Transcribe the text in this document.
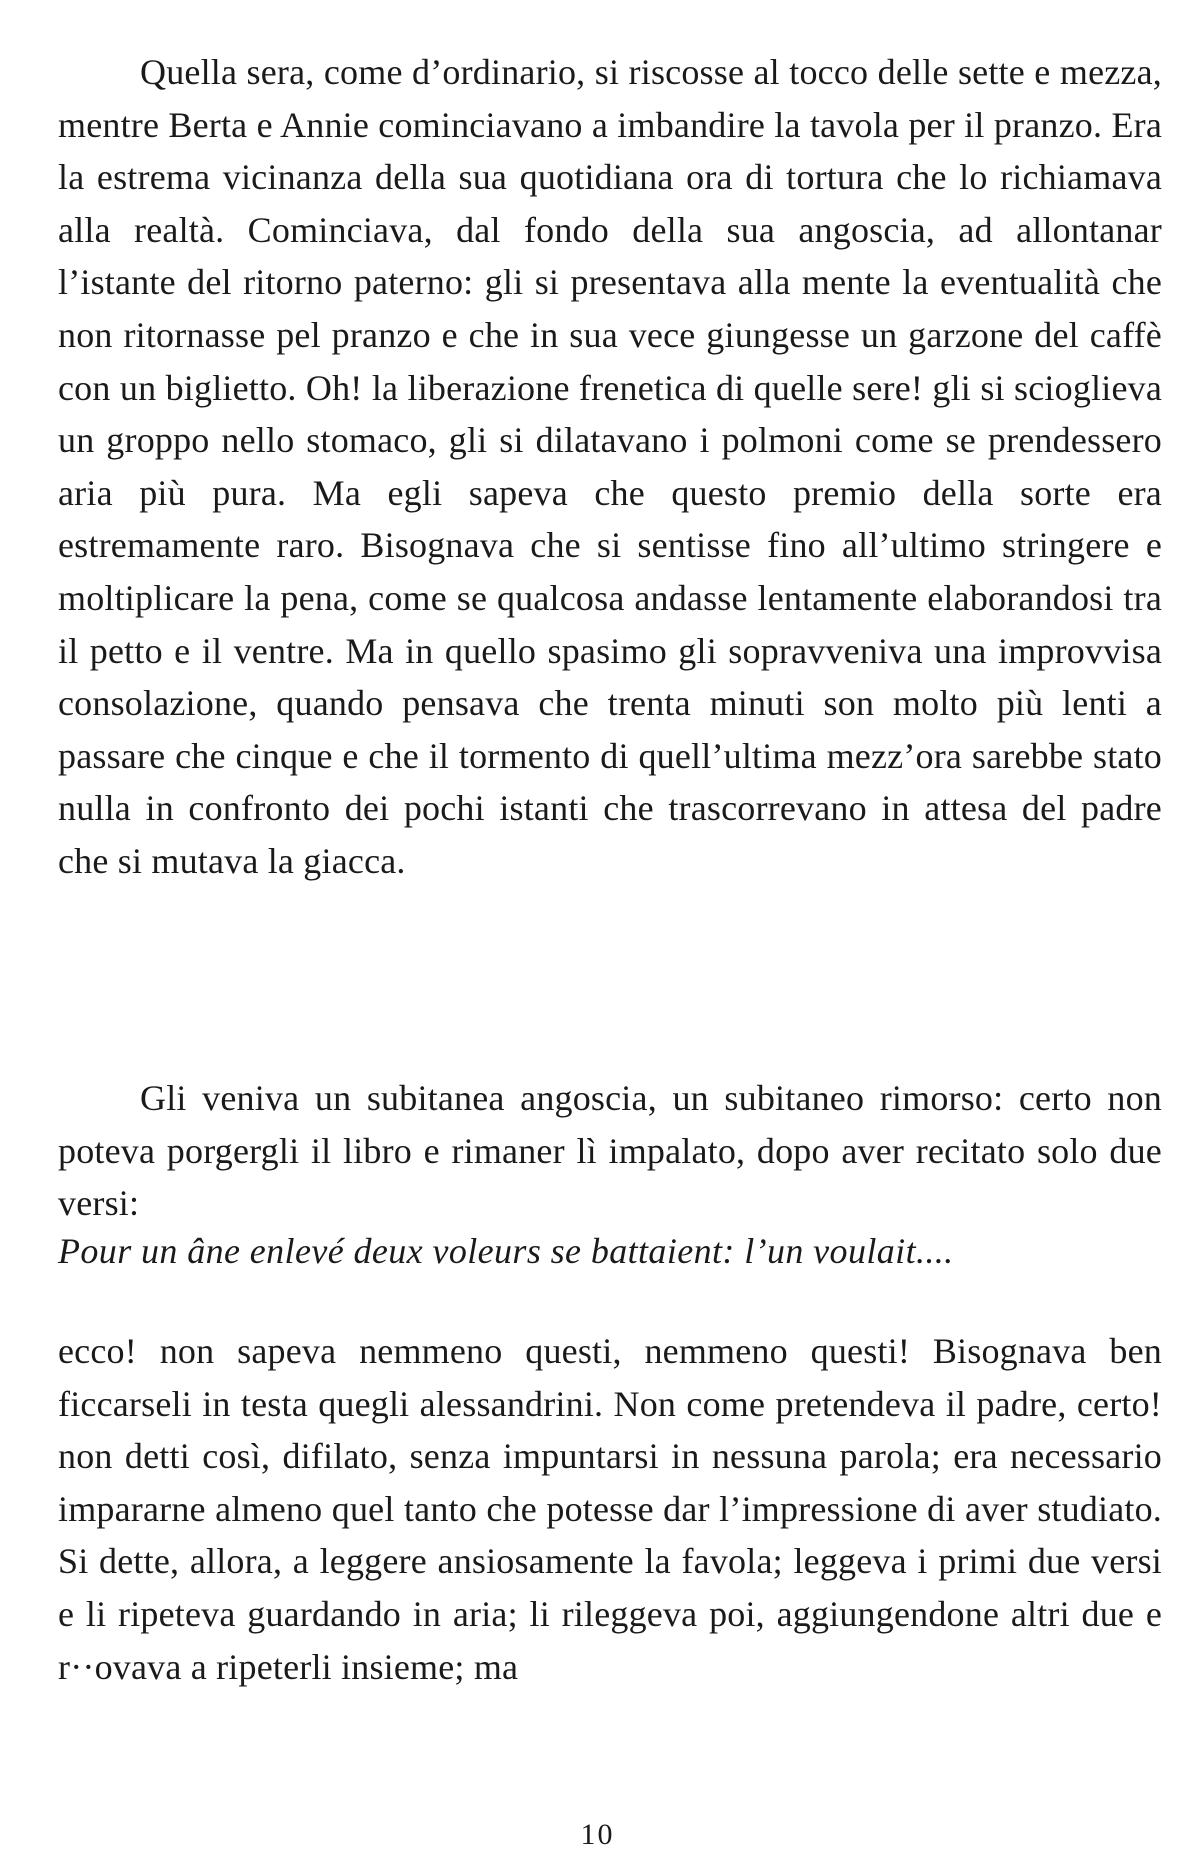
Quella sera, come d’ordinario, si riscosse al tocco delle sette e mezza, mentre Berta e Annie cominciavano a imbandire la tavola per il pranzo. Era la estrema vicinanza della sua quotidiana ora di tortura che lo richiamava alla realtà. Cominciava, dal fondo della sua angoscia, ad allontanar l’istante del ritorno paterno: gli si presentava alla mente la eventualità che non ritornasse pel pranzo e che in sua vece giungesse un garzone del caffè con un biglietto. Oh! la liberazione frenetica di quelle sere! gli si scioglieva un groppo nello stomaco, gli si dilatavano i polmoni come se prendessero aria più pura. Ma egli sapeva che questo premio della sorte era estremamente raro. Bisognava che si sentisse fino all’ultimo stringere e moltiplicare la pena, come se qualcosa andasse lentamente elaborandosi tra il petto e il ventre. Ma in quello spasimo gli sopravveniva una improvvisa consolazione, quando pensava che trenta minuti son molto più lenti a passare che cinque e che il tormento di quell’ultima mezz’ora sarebbe stato nulla in confronto dei pochi istanti che trascorrevano in attesa del padre che si mutava la giacca.

Gli veniva un subitanea angoscia, un subitaneo rimorso: certo non poteva porgergli il libro e rimaner lì impalato, dopo aver recitato solo due versi:

Pour un âne enlevé deux voleurs se battaient: l’un voulait....

ecco! non sapeva nemmeno questi, nemmeno questi! Bisognava ben ficcarseli in testa quegli alessandrini. Non come pretendeva il padre, certo! non detti così, difilato, senza impuntarsi in nessuna parola; era necessario impararne almeno quel tanto che potesse dar l’impressione di aver studiato. Si dette, allora, a leggere ansiosamente la favola; leggeva i primi due versi e li ripeteva guardando in aria; li rileggeva poi, aggiungendone altri due e r··ovava a ripeterli insieme; ma

10
